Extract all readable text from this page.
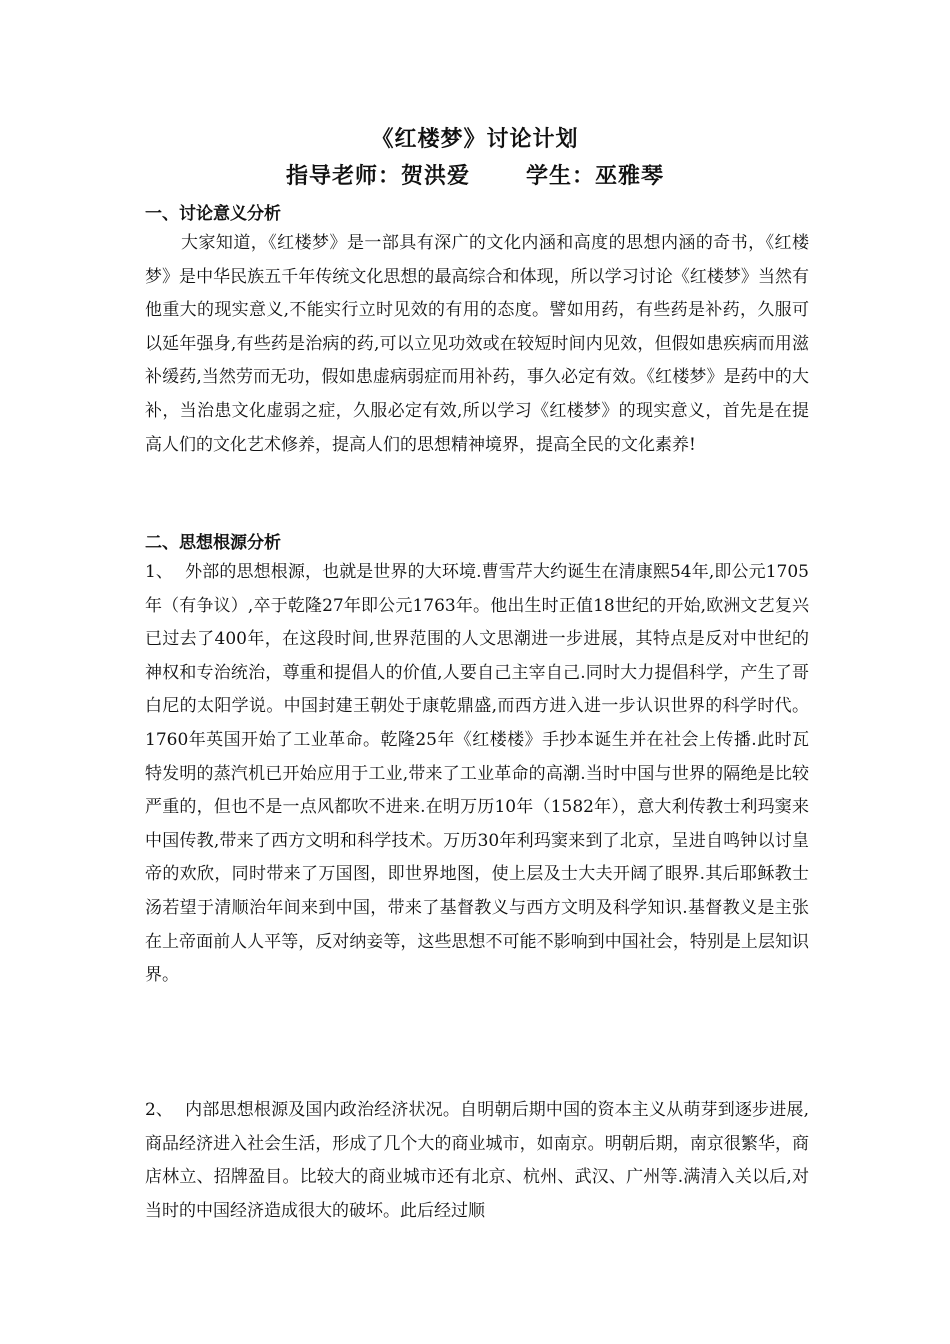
《红楼梦》讨论计划
指导老师：贺洪爱	学生：巫雅琴
一、讨论意义分析

大家知道，《红楼梦》是一部具有深广的文化内涵和高度的思想内涵的奇书，《红楼梦》是中华民族五千年传统文化思想的最高综合和体现，所以学习讨论《红楼梦》当然有他重大的现实意义,不能实行立时见效的有用的态度。譬如用药，有些药是补药，久服可以延年强身,有些药是治病的药,可以立见功效或在较短时间内见效，但假如患疾病而用滋补缓药,当然劳而无功，假如患虚病弱症而用补药，事久必定有效。《红楼梦》是药中的大补，当治患文化虚弱之症，久服必定有效,所以学习《红楼梦》的现实意义，首先是在提高人们的文化艺术修养，提高人们的思想精神境界，提高全民的文化素养!

二、思想根源分析

1、 外部的思想根源，也就是世界的大环境.曹雪芹大约诞生在清康熙54年,即公元1705年（有争议）,卒于乾隆27年即公元1763年。他出生时正值18世纪的开始,欧洲文艺复兴已过去了400年，在这段时间,世界范围的人文思潮进一步进展，其特点是反对中世纪的神权和专治统治，尊重和提倡人的价值,人要自己主宰自己.同时大力提倡科学，产生了哥白尼的太阳学说。中国封建王朝处于康乾鼎盛,而西方进入进一步认识世界的科学时代。1760年英国开始了工业革命。乾隆25年《红楼楼》手抄本诞生并在社会上传播.此时瓦特发明的蒸汽机已开始应用于工业,带来了工业革命的高潮.当时中国与世界的隔绝是比较严重的，但也不是一点风都吹不进来.在明万历10年（1582年），意大利传教士利玛窦来中国传教,带来了西方文明和科学技术。万历30年利玛窦来到了北京，呈进自鸣钟以讨皇帝的欢欣，同时带来了万国图，即世界地图，使上层及士大夫开阔了眼界.其后耶稣教士汤若望于清顺治年间来到中国，带来了基督教义与西方文明及科学知识.基督教义是主张在上帝面前人人平等，反对纳妾等，这些思想不可能不影响到中国社会，特别是上层知识界。

2、 内部思想根源及国内政治经济状况。自明朝后期中国的资本主义从萌芽到逐步进展,商品经济进入社会生活，形成了几个大的商业城市，如南京。明朝后期，南京很繁华，商店林立、招牌盈目。比较大的商业城市还有北京、杭州、武汉、广州等.满清入关以后,对当时的中国经济造成很大的破坏。此后经过顺
